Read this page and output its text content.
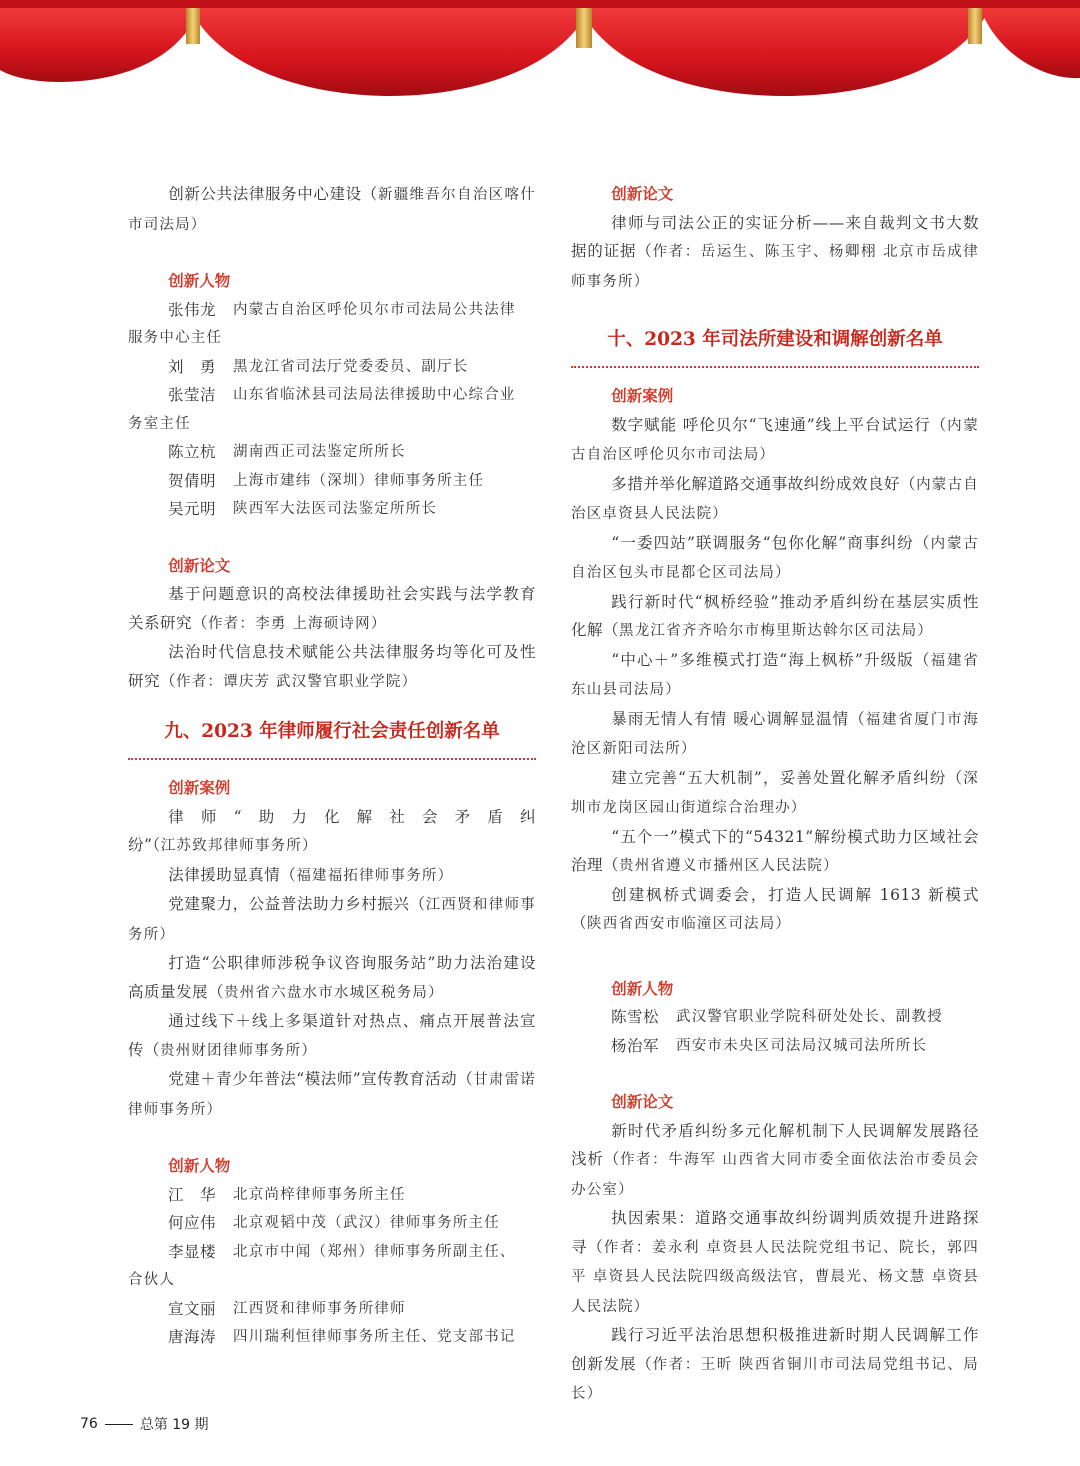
创新公共法律服务中心建设（新疆维吾尔自治区喀什市司法局）

创新人物

张伟龙	内蒙古自治区呼伦贝尔市司法局公共法律

服务中心主任

刘　勇	黑龙江省司法厅党委委员、副厅长
张莹洁	山东省临沭县司法局法律援助中心综合业

务室主任

陈立杭	湖南西正司法鉴定所所长
贺倩明	上海市建纬（深圳）律师事务所主任
吴元明	陕西军大法医司法鉴定所所长

创新论文

基于问题意识的高校法律援助社会实践与法学教育关系研究（作者：李勇 上海硕诗网）

法治时代信息技术赋能公共法律服务均等化可及性研究（作者：谭庆芳 武汉警官职业学院）

九、2023 年律师履行社会责任创新名单

创新案例

律师“助力化解社会矛盾纠纷”（江苏致邦律师事务所）

法律援助显真情（福建福拓律师事务所）

党建聚力，公益普法助力乡村振兴（江西贤和律师事务所）

打造“公职律师涉税争议咨询服务站”助力法治建设高质量发展（贵州省六盘水市水城区税务局）

通过线下＋线上多渠道针对热点、痛点开展普法宣传（贵州财团律师事务所）

党建＋青少年普法“模法师”宣传教育活动（甘肃雷诺律师事务所）

创新人物

江　华	北京尚梓律师事务所主任
何应伟	北京观韬中茂（武汉）律师事务所主任
李显楼	北京市中闻（郑州）律师事务所副主任、

合伙人

宣文丽	江西贤和律师事务所律师
唐海涛	四川瑞利恒律师事务所主任、党支部书记

创新论文

律师与司法公正的实证分析——来自裁判文书大数据的证据（作者：岳运生、陈玉宇、杨卿栩 北京市岳成律师事务所）

十、2023 年司法所建设和调解创新名单

创新案例

数字赋能 呼伦贝尔“飞速通”线上平台试运行（内蒙古自治区呼伦贝尔市司法局）

多措并举化解道路交通事故纠纷成效良好（内蒙古自治区卓资县人民法院）

“一委四站”联调服务“包你化解”商事纠纷（内蒙古自治区包头市昆都仑区司法局）

践行新时代“枫桥经验”推动矛盾纠纷在基层实质性化解（黑龙江省齐齐哈尔市梅里斯达斡尔区司法局）

“中心＋”多维模式打造“海上枫桥”升级版（福建省东山县司法局）

暴雨无情人有情 暖心调解显温情（福建省厦门市海沧区新阳司法所）

建立完善“五大机制”，妥善处置化解矛盾纠纷（深圳市龙岗区园山街道综合治理办）

“五个一”模式下的“54321”解纷模式助力区域社会治理（贵州省遵义市播州区人民法院）

创建枫桥式调委会，打造人民调解 1613 新模式（陕西省西安市临潼区司法局）

创新人物

陈雪松	武汉警官职业学院科研处处长、副教授
杨治军	西安市未央区司法局汉城司法所所长

创新论文

新时代矛盾纠纷多元化解机制下人民调解发展路径浅析（作者：牛海军 山西省大同市委全面依法治市委员会办公室）

执因索果：道路交通事故纠纷调判质效提升进路探寻（作者：姜永利 卓资县人民法院党组书记、院长，郭四平 卓资县人民法院四级高级法官，曹晨光、杨文慧 卓资县人民法院）

践行习近平法治思想积极推进新时期人民调解工作创新发展（作者：王昕 陕西省铜川市司法局党组书记、局长）

76	总第 19 期
